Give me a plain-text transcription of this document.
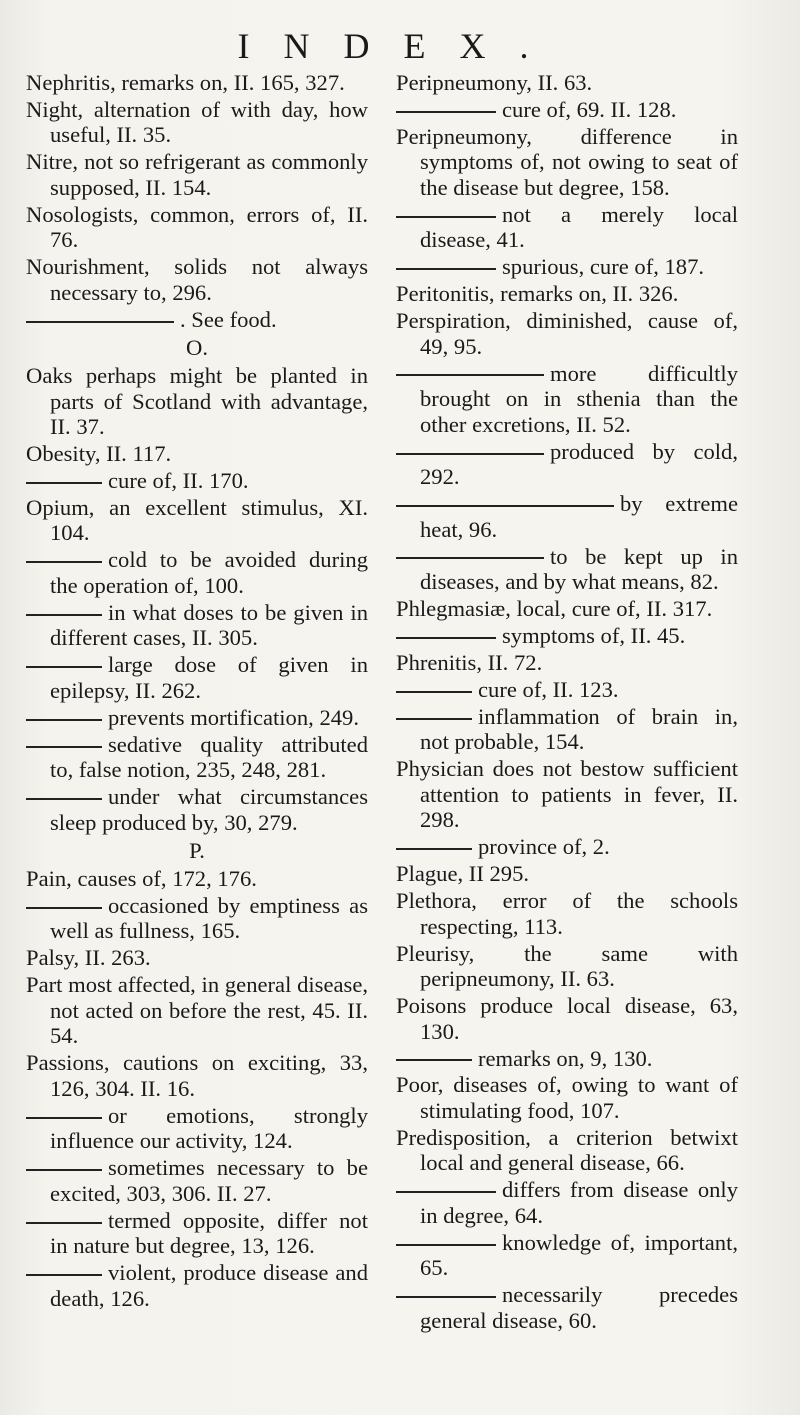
INDEX.
Nephritis, remarks on, II. 165, 327.
Night, alternation of with day, how useful, II. 35.
Nitre, not so refrigerant as commonly supposed, II. 154.
Nosologists, common, errors of, II. 76.
Nourishment, solids not always necessary to, 296.
. See food.
O.
Oaks perhaps might be planted in parts of Scotland with advantage, II. 37.
Obesity, II. 117.
cure of, II. 170.
Opium, an excellent stimulus, XI. 104.
cold to be avoided during the operation of, 100.
in what doses to be given in different cases, II. 305.
large dose of given in epilepsy, II. 262.
prevents mortification, 249.
sedative quality attributed to, false notion, 235, 248, 281.
under what circumstances sleep produced by, 30, 279.
P.
Pain, causes of, 172, 176.
occasioned by emptiness as well as fullness, 165.
Palsy, II. 263.
Part most affected, in general disease, not acted on before the rest, 45. II. 54.
Passions, cautions on exciting, 33, 126, 304. II. 16.
or emotions, strongly influence our activity, 124.
sometimes necessary to be excited, 303, 306. II. 27.
termed opposite, differ not in nature but degree, 13, 126.
violent, produce disease and death, 126.
Peripneumony, II. 63.
cure of, 69. II. 128.
Peripneumony, difference in symptoms of, not owing to seat of the disease but degree, 158.
not a merely local disease, 41.
spurious, cure of, 187.
Peritonitis, remarks on, II. 326.
Perspiration, diminished, cause of, 49, 95.
more difficultly brought on in sthenia than the other excretions, II. 52.
produced by cold, 292.
by extreme heat, 96.
to be kept up in diseases, and by what means, 82.
Phlegmasiæ, local, cure of, II. 317.
symptoms of, II. 45.
Phrenitis, II. 72.
cure of, II. 123.
inflammation of brain in, not probable, 154.
Physician does not bestow sufficient attention to patients in fever, II. 298.
province of, 2.
Plague, II 295.
Plethora, error of the schools respecting, 113.
Pleurisy, the same with peripneumony, II. 63.
Poisons produce local disease, 63, 130.
remarks on, 9, 130.
Poor, diseases of, owing to want of stimulating food, 107.
Predisposition, a criterion betwixt local and general disease, 66.
differs from disease only in degree, 64.
knowledge of, important, 65.
necessarily precedes general disease, 60.
